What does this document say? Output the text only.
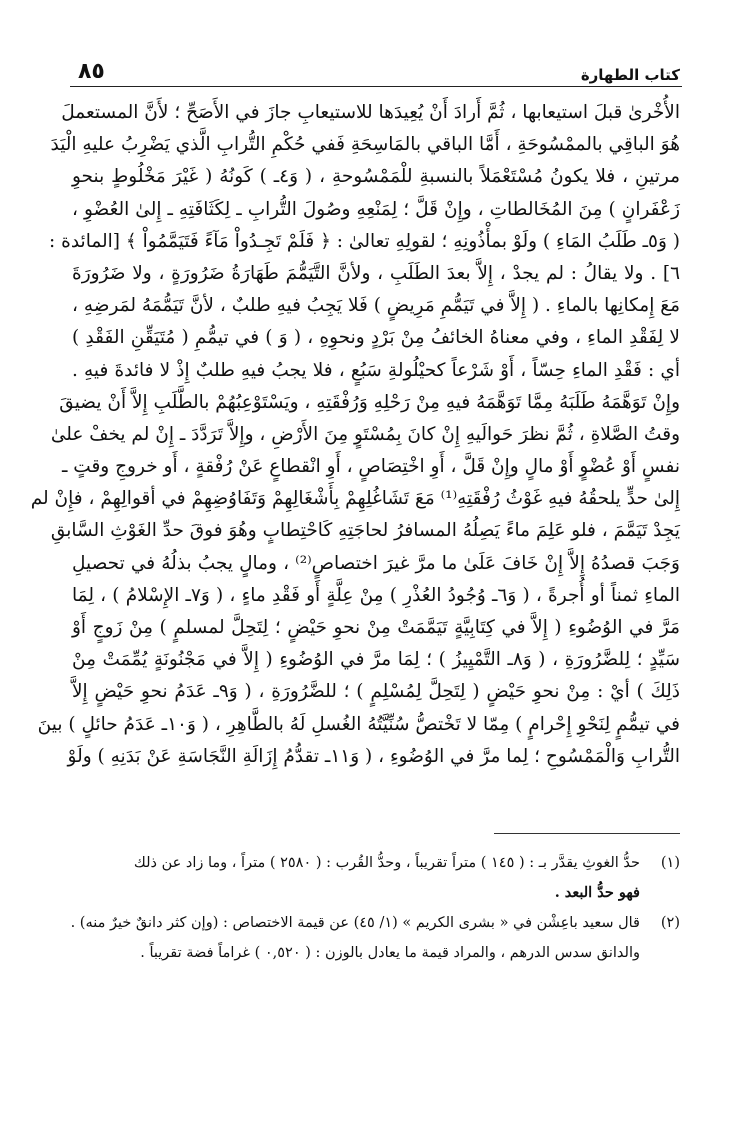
كتاب الطهارة
٨٥
الأُخْرىٰ قبلَ استيعابها ، ثُمَّ أَرادَ أَنْ يُعِيدَها للاستيعابِ جازَ في الأَصَحِّ ؛ لأَنَّ المستعملَ
هُوَ الباقِي بالممْسُوحَةِ ، أَمَّا الباقي بالمَاسِحَةِ فَفي حُكْمِ التُّرابِ الَّذي يَضْرِبُ عليهِ الْيَدَ
مرتينِ ، فلا يكونُ مُسْتَعْمَلاً بالنسبةِ للْمَمْسُوحةِ ، ( وَ٤ـ ) كَونُهُ ( غَيْرَ مَخْلُوطٍ بنحوِ
زَعْفَرانٍ ) مِنَ المُخَالطاتِ ، وإِنْ قَلَّ ؛ لِمَنْعِهِ وصُولَ التُّرابِ ـ لِكَثَافَتِهِ ـ إِلىٰ العُضْوِ ،
( وَ٥ـ طَلَبُ المَاءِ ) ولَوْ بمأْذُونِهِ ؛ لقولِهِ تعالىٰ : ﴿ فَلَمْ تَجِـدُواْ مَآءً فَتَيَمَّمُواْ ﴾ [المائدة :
٦] . ولا يقالُ : لم يجدْ ، إِلاَّ بعدَ الطَلَبِ ، ولأنَّ التَّيَمُّمَ طَهَارَةُ ضَرُورَةٍ ، ولا ضَرُورَةَ
مَعَ إِمكانِها بالماءِ . ( إِلاَّ في تَيَمُّمِ مَرِيضٍ ) فَلا يَجِبُ فيهِ طلبٌ ، لأنَّ تَيَمُّمَهُ لمَرضِهِ ،
لا لِفَقْدِ الماءِ ، وفي معناهُ الخائفُ مِنْ بَرْدٍ ونحوِهِ ، ( وَ ) في تيمُّمِ ( مُتَيَقِّنِ الفَقْدِ )
أي : فَقْدِ الماءِ حِسّاً ، أَوْ شَرْعاً كحيْلُولةِ سَبُعٍ ، فلا يجبُ فيهِ طلبٌ إِذْ لا فائدةَ فيهِ .
وإِنْ تَوَهَّمَهُ طَلَبَهُ مِمَّا تَوَهَّمَهُ فيهِ مِنْ رَحْلِهِ وَرُفْقَتِهِ ، ويَسْتَوْعِبُهُمْ بالطَّلَبِ إِلاَّ أَنْ يضيقَ
وقتُ الصَّلاةِ ، ثُمَّ نظرَ حَوالَيهِ إِنْ كانَ بِمُسْتَوٍ مِنَ الأَرْضِ ، وإِلاَّ تَرَدَّدَ ـ إِنْ لم يخفْ علىٰ
نفسٍ أَوْ عُضْوٍ أَوْ مالٍ وإِنْ قَلَّ ، أَوِ اخْتِصَاصٍ ، أَوِ انْقطاعٍ عَنْ رُفْقةٍ ، أَو خروجِ وقتٍ ـ
إِلىٰ حدٍّ يلحقُهُ فيهِ غَوْثُ رُفْقَتِهِ⁽¹⁾ مَعَ تَشَاغُلِهِمْ بِأَشْغَالِهِمْ وَتَفَاوُضِهِمْ في أقوالِهِمْ ، فإِنْ لم
يَجِدْ تَيَمَّمَ ، فلو عَلِمَ ماءً يَصِلُهُ المسافرُ لحاجَتِهِ كَاحْتِطابٍ وهُوَ فوقَ حدِّ الغَوْثِ السَّابقِ
وَجَبَ قصدُهُ إِلاَّ إِنْ خَافَ عَلَىٰ ما مرَّ غيرَ اختصاصٍ⁽²⁾ ، ومالٍ يجبُ بذلُهُ في تحصيلِ
الماءِ ثمناً أو أُجرةً ، ( وَ٦ـ وُجُودُ العُذْرِ ) مِنْ عِلَّةٍ أَو فَقْدِ ماءٍ ، ( وَ٧ـ الإِسْلامُ ) ، لِمَا
مَرَّ في الوُضُوءِ ( إِلاَّ في كِتَابِيَّةٍ تَيَمَّمَتْ مِنْ نحوِ حَيْضٍ ؛ لِتَحِلَّ لمسلمٍ ) مِنْ زَوجٍ أَوْ
سَيِّدٍ ؛ لِلضَّرُورَةِ ، ( وَ٨ـ التَّمْيِيزُ ) ؛ لِمَا مرَّ في الوُضُوءِ ( إِلاَّ في مَجْنُونَةٍ يُمِّمَتْ مِنْ
ذَلِكَ ) أيْ : مِنْ نحوِ حَيْضٍ ( لِتَحِلَّ لِمُسْلِمٍ ) ؛ للضَّرُورَةِ ، ( وَ٩ـ عَدَمُ نحوِ حَيْضٍ إِلاَّ
في تيمُّمٍ لِنَحْوِ إِحْرامٍ ) مِمّا لا تَخْتصُّ سُنِّيَّتُهُ الغُسلِ لَهُ بالطَّاهِرِ ، ( وَ١٠ـ عَدَمُ حائلٍ ) بينَ
التُّرابِ وَالْمَمْسُوحِ ؛ لِما مرَّ في الوُضُوءِ ، ( وَ١١ـ تقدُّمُ إِزَالَةِ النَّجَاسَةِ عَنْ بَدَنِهِ ) ولَوْ
(١)
حدُّ الغوثِ يقدَّر بـ : ( ١٤٥ ) متراً تقريباً ، وحدُّ القُرب : ( ٢٥٨٠ ) متراً ، وما زاد عن ذلك
فهو حدُّ البعد .
(٢)
قال سعيد باعِشْن في « بشرى الكريم » (١/ ٤٥) عن قيمة الاختصاص : (وإن كثر دانقٌ خيرٌ منه) .
والدانق سدس الدرهم ، والمراد قيمة ما يعادل بالوزن : ( ٠,٥٢٠ ) غراماً فضة تقريباً .
